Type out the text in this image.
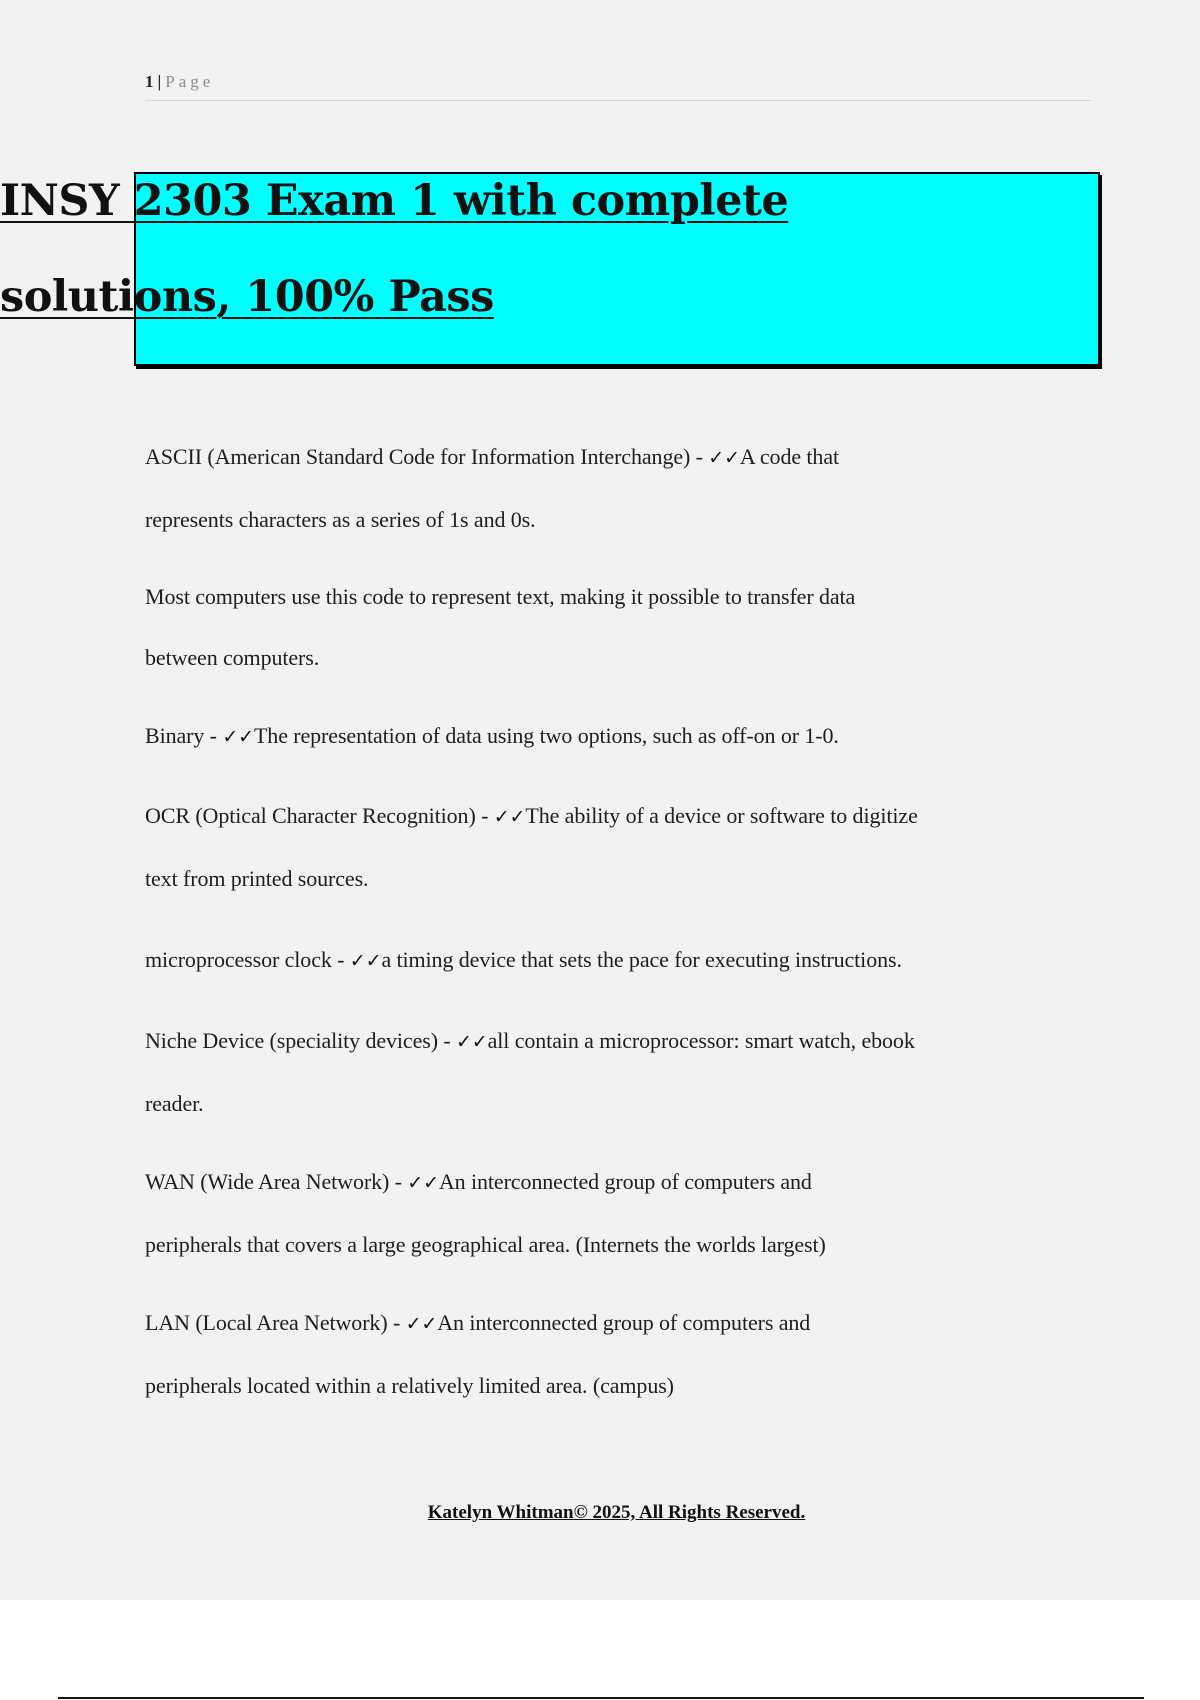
1 | Page
INSY 2303 Exam 1 with complete
solutions, 100% Pass
ASCII (American Standard Code for Information Interchange) - ✓✓A code that
represents characters as a series of 1s and 0s.
Most computers use this code to represent text, making it possible to transfer data
between computers.
Binary - ✓✓The representation of data using two options, such as off-on or 1-0.
OCR (Optical Character Recognition) - ✓✓The ability of a device or software to digitize
text from printed sources.
microprocessor clock - ✓✓a timing device that sets the pace for executing instructions.
Niche Device (speciality devices) - ✓✓all contain a microprocessor: smart watch, ebook
reader.
WAN (Wide Area Network) - ✓✓An interconnected group of computers and
peripherals that covers a large geographical area. (Internets the worlds largest)
LAN (Local Area Network) - ✓✓An interconnected group of computers and
peripherals located within a relatively limited area. (campus)
Katelyn Whitman© 2025, All Rights Reserved.
